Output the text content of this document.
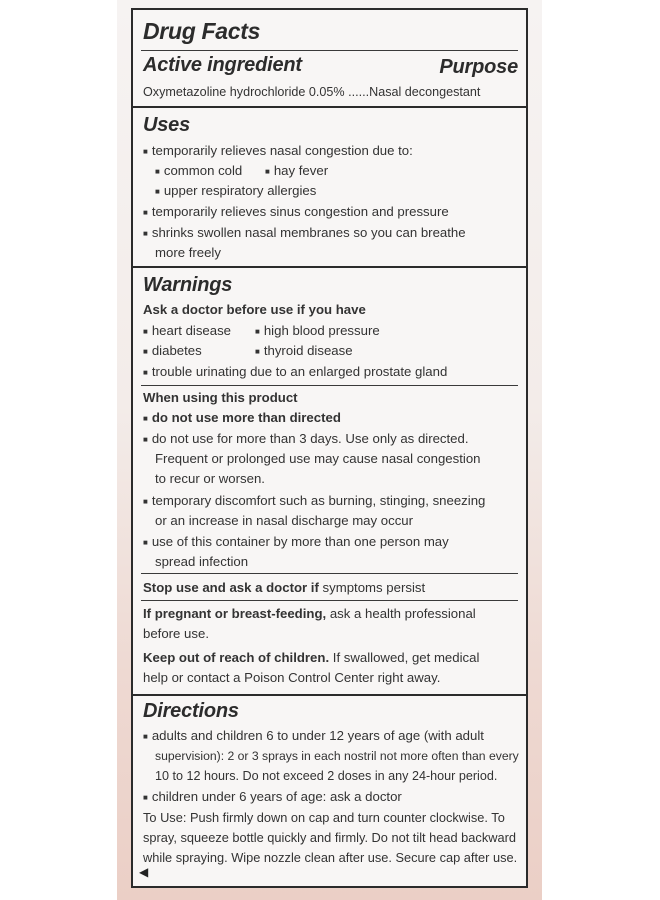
Drug Facts
Active ingredient	Purpose
Oxymetazoline hydrochloride 0.05% ......Nasal decongestant
Uses
■ temporarily relieves nasal congestion due to:
■ common cold	■ hay fever
■ upper respiratory allergies
■ temporarily relieves sinus congestion and pressure
■ shrinks swollen nasal membranes so you can breathe
more freely
Warnings
Ask a doctor before use if you have
■ heart disease	■ high blood pressure
■ diabetes	■ thyroid disease
■ trouble urinating due to an enlarged prostate gland
When using this product
■ do not use more than directed
■ do not use for more than 3 days. Use only as directed.
Frequent or prolonged use may cause nasal congestion
to recur or worsen.
■ temporary discomfort such as burning, stinging, sneezing
or an increase in nasal discharge may occur
■ use of this container by more than one person may
spread infection
Stop use and ask a doctor if symptoms persist
If pregnant or breast-feeding, ask a health professional
before use.
Keep out of reach of children. If swallowed, get medical
help or contact a Poison Control Center right away.
Directions
■ adults and children 6 to under 12 years of age (with adult
supervision): 2 or 3 sprays in each nostril not more often than every
10 to 12 hours. Do not exceed 2 doses in any 24-hour period.
■ children under 6 years of age: ask a doctor
To Use: Push firmly down on cap and turn counter clockwise. To
spray, squeeze bottle quickly and firmly. Do not tilt head backward
while spraying. Wipe nozzle clean after use. Secure cap after use.
◀
